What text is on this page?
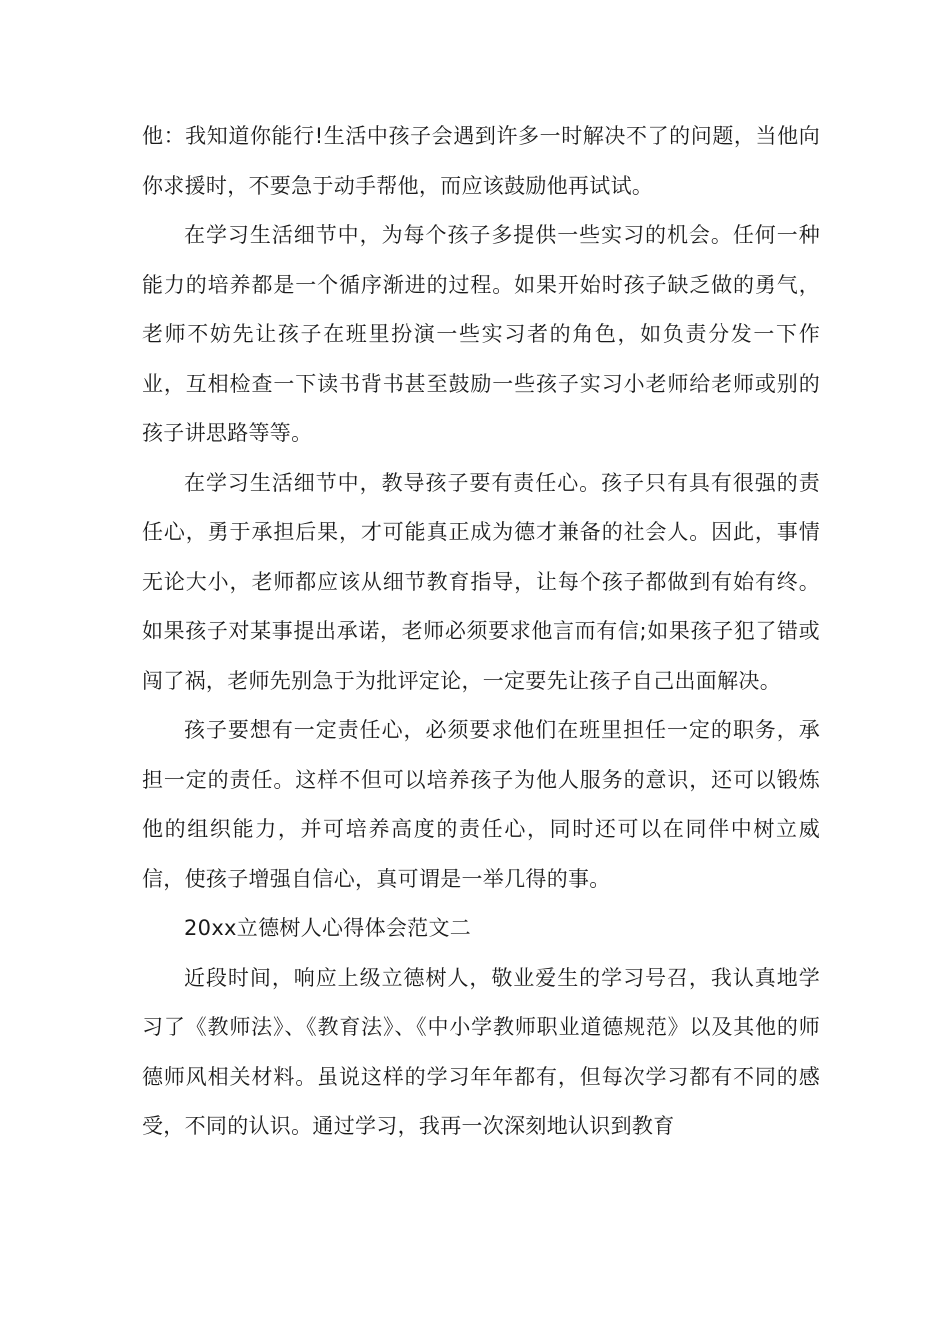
他：我知道你能行!生活中孩子会遇到许多一时解决不了的问题，当他向你求援时，不要急于动手帮他，而应该鼓励他再试试。

在学习生活细节中，为每个孩子多提供一些实习的机会。任何一种能力的培养都是一个循序渐进的过程。如果开始时孩子缺乏做的勇气，老师不妨先让孩子在班里扮演一些实习者的角色，如负责分发一下作业，互相检查一下读书背书甚至鼓励一些孩子实习小老师给老师或别的孩子讲思路等等。

在学习生活细节中，教导孩子要有责任心。孩子只有具有很强的责任心，勇于承担后果，才可能真正成为德才兼备的社会人。因此，事情无论大小，老师都应该从细节教育指导，让每个孩子都做到有始有终。如果孩子对某事提出承诺，老师必须要求他言而有信;如果孩子犯了错或闯了祸，老师先别急于为批评定论，一定要先让孩子自己出面解决。

孩子要想有一定责任心，必须要求他们在班里担任一定的职务，承担一定的责任。这样不但可以培养孩子为他人服务的意识，还可以锻炼他的组织能力，并可培养高度的责任心，同时还可以在同伴中树立威信，使孩子增强自信心，真可谓是一举几得的事。

20xx立德树人心得体会范文二

近段时间，响应上级立德树人，敬业爱生的学习号召，我认真地学习了《教师法》、《教育法》、《中小学教师职业道德规范》以及其他的师德师风相关材料。虽说这样的学习年年都有，但每次学习都有不同的感受，不同的认识。通过学习，我再一次深刻地认识到教育
